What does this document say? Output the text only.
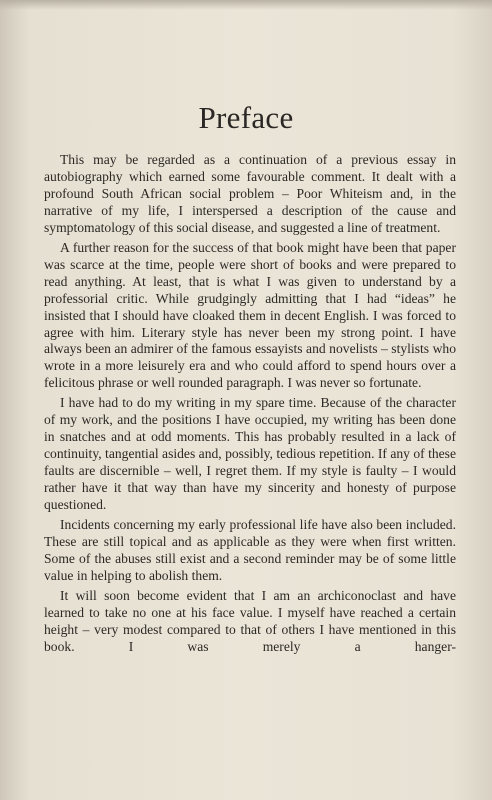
Preface

This may be regarded as a continuation of a previous essay in autobiography which earned some favourable comment. It dealt with a profound South African social problem – Poor Whiteism and, in the narrative of my life, I interspersed a description of the cause and symptomatology of this social disease, and suggested a line of treatment.

A further reason for the success of that book might have been that paper was scarce at the time, people were short of books and were prepared to read anything. At least, that is what I was given to understand by a professorial critic. While grudgingly admitting that I had “ideas” he insisted that I should have cloaked them in decent English. I was forced to agree with him. Literary style has never been my strong point. I have always been an admirer of the famous essayists and novelists – stylists who wrote in a more leisurely era and who could afford to spend hours over a felicitous phrase or well rounded paragraph. I was never so fortunate.

I have had to do my writing in my spare time. Because of the character of my work, and the positions I have occupied, my writing has been done in snatches and at odd moments. This has probably resulted in a lack of continuity, tangential asides and, possibly, tedious repetition. If any of these faults are discernible – well, I regret them. If my style is faulty – I would rather have it that way than have my sincerity and honesty of purpose questioned.

Incidents concerning my early professional life have also been included. These are still topical and as applicable as they were when first written. Some of the abuses still exist and a second reminder may be of some little value in helping to abolish them.

It will soon become evident that I am an archiconoclast and have learned to take no one at his face value. I myself have reached a certain height – very modest compared to that of others I have mentioned in this book. I was merely a hanger-
